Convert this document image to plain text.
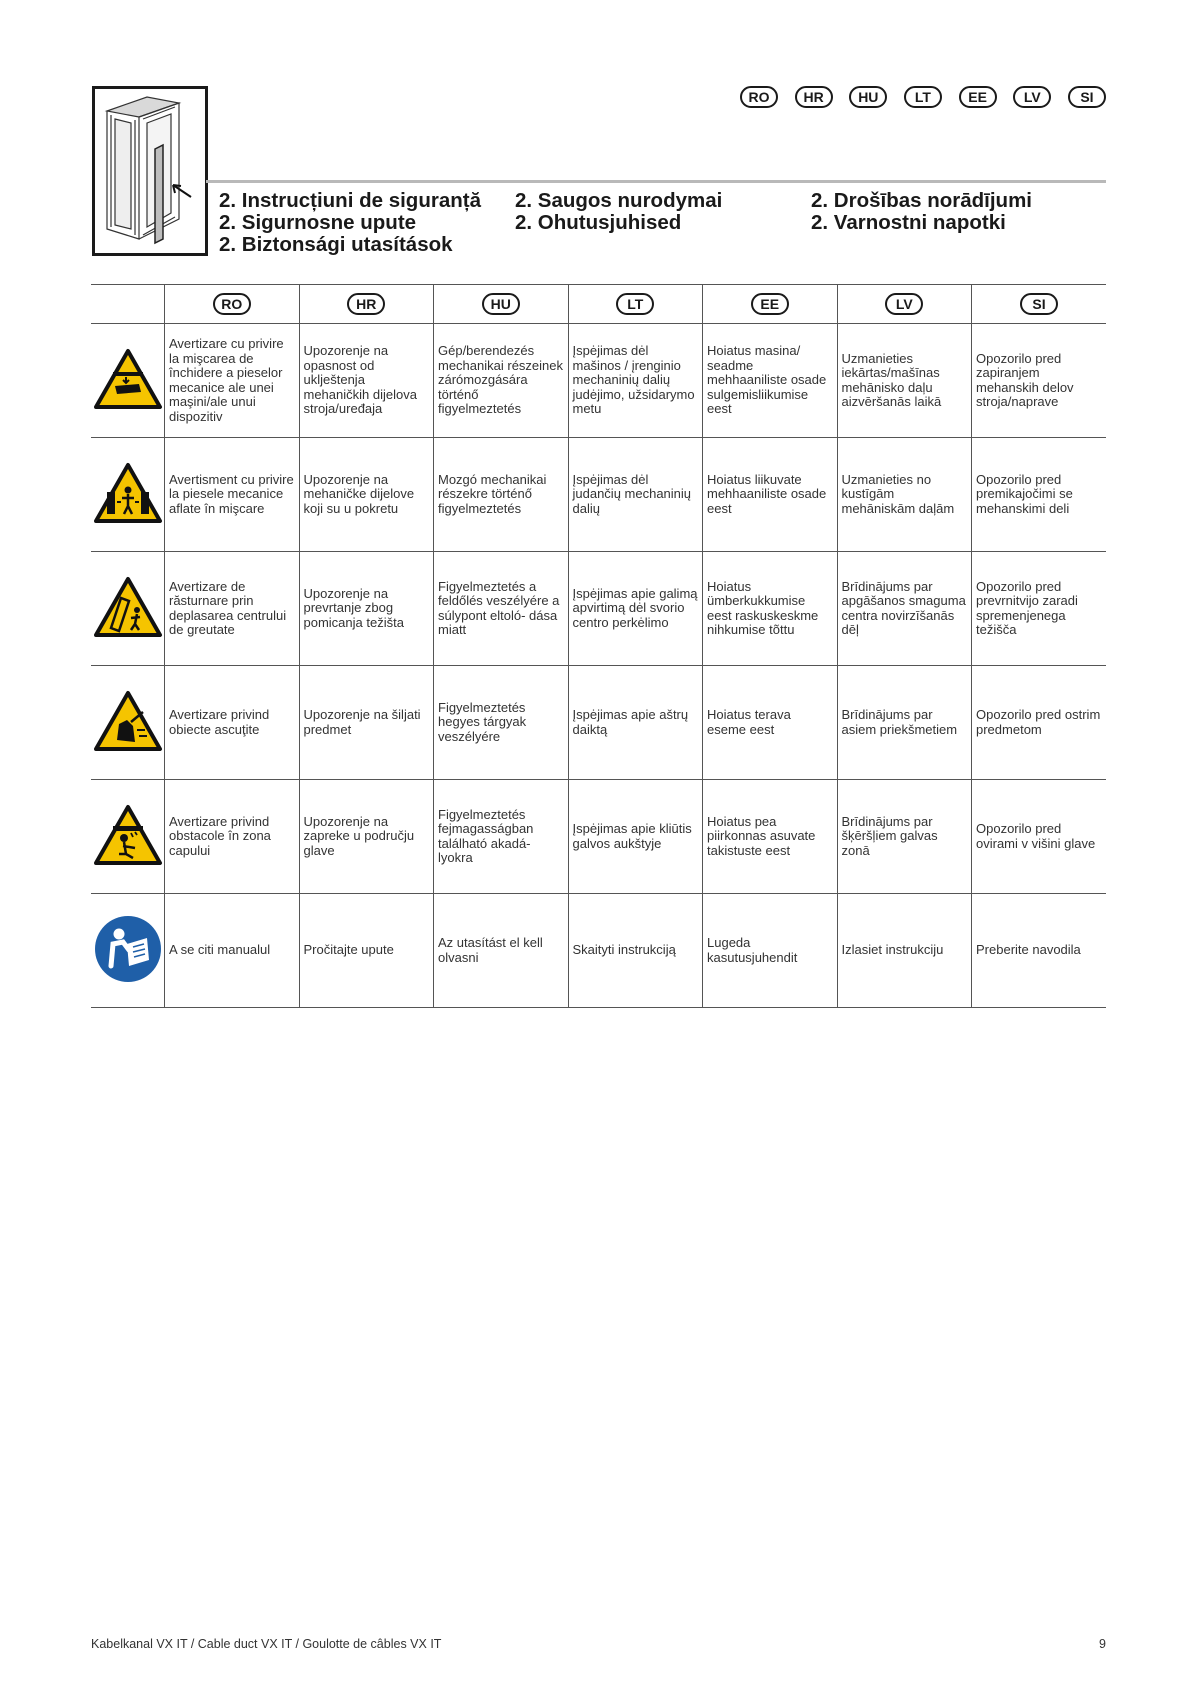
RO	HR	HU	LT	EE	LV	SI
2. Instrucțiuni de siguranță
2. Sigurnosne upute
2. Biztonsági utasítások
2. Saugos nurodymai
2. Ohutusjuhised
2. Drošības norādījumi
2. Varnostni napotki

RO	HR	HU	LT	EE	LV	SI

	Avertizare cu privire la mişcarea de închidere a pieselor mecanice ale unei maşini/ale unui dispozitiv	Upozorenje na opasnost od uklještenja mehaničkih dijelova stroja/uređaja	Gép/berendezés mechanikai részeinek zárómozgására történő figyelmeztetés	Įspėjimas dėl mašinos / įrenginio mechaninių dalių judėjimo, užsidarymo metu	Hoiatus masina/ seadme mehhaaniliste osade sulgemisliikumise eest	Uzmanieties iekārtas/mašīnas mehānisko daļu aizvēršanās laikā	Opozorilo pred zapiranjem mehanskih delov stroja/naprave
	Avertisment cu privire la piesele mecanice aflate în mişcare	Upozorenje na mehaničke dijelove koji su u pokretu	Mozgó mechanikai részekre történő figyelmeztetés	Įspėjimas dėl judančių mechaninių dalių	Hoiatus liikuvate mehhaaniliste osade eest	Uzmanieties no kustīgām mehāniskām daļām	Opozorilo pred premikajočimi se mehanskimi deli
	Avertizare de răsturnare prin deplasarea centrului de greutate	Upozorenje na prevrtanje zbog pomicanja težišta	Figyelmeztetés a feldőlés veszélyére a súlypont eltoló- dása miatt	Įspėjimas apie galimą apvirtimą dėl svorio centro perkėlimo	Hoiatus ümberkukkumise eest raskuskeskme nihkumise tõttu	Brīdinājums par apgāšanos smaguma centra novirzīšanās dēļ	Opozorilo pred prevrnitvijo zaradi spremenjenega težišča
	Avertizare privind obiecte ascuţite	Upozorenje na šiljati predmet	Figyelmeztetés hegyes tárgyak veszélyére	Įspėjimas apie aštrų daiktą	Hoiatus terava eseme eest	Brīdinājums par asiem priekšmetiem	Opozorilo pred ostrim predmetom
	Avertizare privind obstacole în zona capului	Upozorenje na zapreke u području glave	Figyelmeztetés fejmagasságban található akadá- lyokra	Įspėjimas apie kliūtis galvos aukštyje	Hoiatus pea piirkonnas asuvate takistuste eest	Brīdinājums par šķēršļiem galvas zonā	Opozorilo pred ovirami v višini glave
	A se citi manualul	Pročitajte upute	Az utasítást el kell olvasni	Skaityti instrukciją	Lugeda kasutusjuhendit	Izlasiet instrukciju	Preberite navodila
Kabelkanal VX IT / Cable duct VX IT / Goulotte de câbles VX IT	9
